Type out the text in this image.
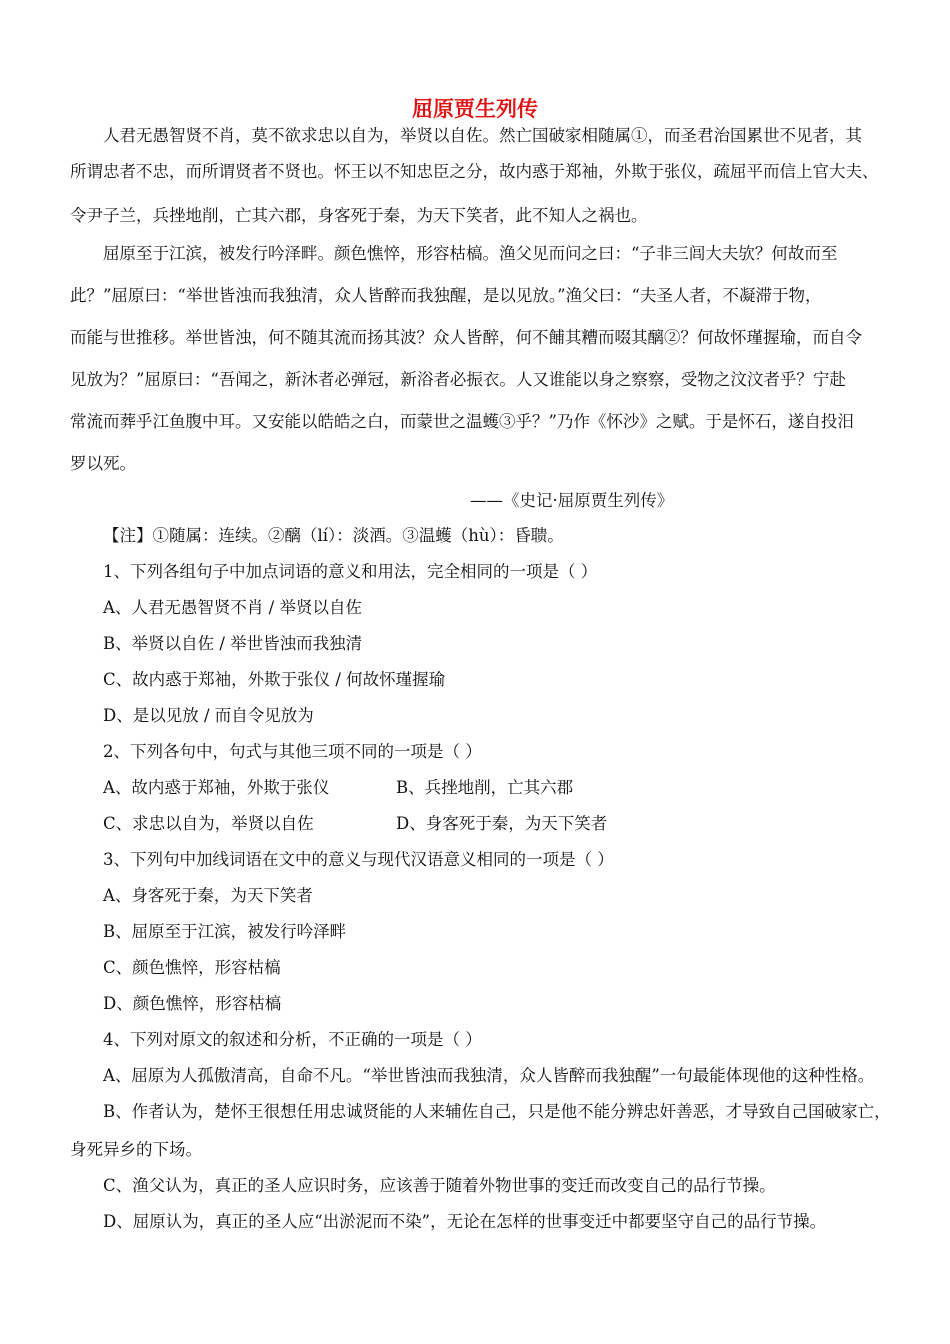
屈原贾生列传
人君无愚智贤不肖，莫不欲求忠以自为，举贤以自佐。然亡国破家相随属①，而圣君治国累世不见者，其
所谓忠者不忠，而所谓贤者不贤也。怀王以不知忠臣之分，故内惑于郑袖，外欺于张仪，疏屈平而信上官大夫、
令尹子兰，兵挫地削，亡其六郡，身客死于秦，为天下笑者，此不知人之祸也。
屈原至于江滨，被发行吟泽畔。颜色憔悴，形容枯槁。渔父见而问之曰：“子非三闾大夫欤？何故而至
此？”屈原曰：“举世皆浊而我独清，众人皆醉而我独醒，是以见放。”渔父曰：“夫圣人者，不凝滞于物，
而能与世推移。举世皆浊，何不随其流而扬其波？众人皆醉，何不餔其糟而啜其醨②？何故怀瑾握瑜，而自令
见放为？”屈原曰：“吾闻之，新沐者必弹冠，新浴者必振衣。人又谁能以身之察察，受物之汶汶者乎？宁赴
常流而葬乎江鱼腹中耳。又安能以皓皓之白，而蒙世之温蠖③乎？”乃作《怀沙》之赋。于是怀石，遂自投汨
罗以死。
——《史记·屈原贾生列传》
【注】①随属：连续。②醨（lí）：淡酒。③温蠖（hù）：昏聩。
1、下列各组句子中加点词语的意义和用法，完全相同的一项是（ ）
A、人君无愚智贤不肖 / 举贤以自佐
B、举贤以自佐 / 举世皆浊而我独清
C、故内惑于郑袖，外欺于张仪 / 何故怀瑾握瑜
D、是以见放 / 而自令见放为
2、下列各句中，句式与其他三项不同的一项是（ ）
A、故内惑于郑袖，外欺于张仪	B、兵挫地削，亡其六郡
C、求忠以自为，举贤以自佐	D、身客死于秦，为天下笑者
3、下列句中加线词语在文中的意义与现代汉语意义相同的一项是（ ）
A、身客死于秦，为天下笑者
B、屈原至于江滨，被发行吟泽畔
C、颜色憔悴，形容枯槁
D、颜色憔悴，形容枯槁
4、下列对原文的叙述和分析，不正确的一项是（ ）
A、屈原为人孤傲清高，自命不凡。“举世皆浊而我独清，众人皆醉而我独醒”一句最能体现他的这种性格。
B、作者认为，楚怀王很想任用忠诚贤能的人来辅佐自己，只是他不能分辨忠奸善恶，才导致自己国破家亡，
身死异乡的下场。
C、渔父认为，真正的圣人应识时务，应该善于随着外物世事的变迁而改变自己的品行节操。
D、屈原认为，真正的圣人应“出淤泥而不染”，无论在怎样的世事变迁中都要坚守自己的品行节操。
